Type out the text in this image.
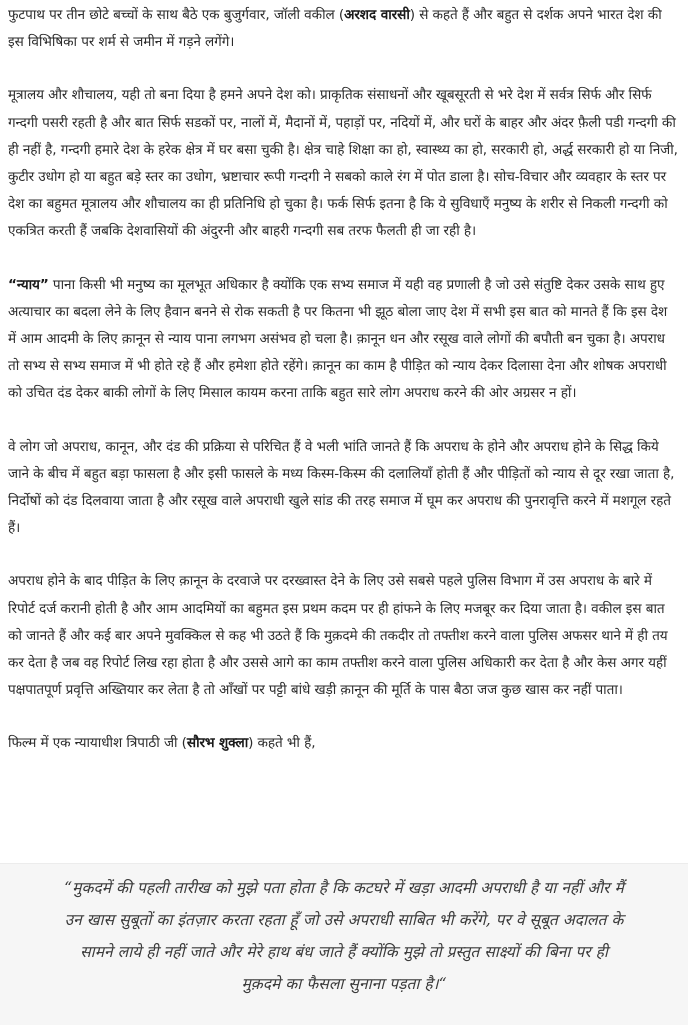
फुटपाथ पर तीन छोटे बच्चों के साथ बैठे एक बुजुर्गवार, जॉली वकील (अरशद वारसी) से कहते हैं और बहुत से दर्शक अपने भारत देश की इस विभिषिका पर शर्म से जमीन में गड़ने लगेंगे।

मूत्रालय और शौचालय, यही तो बना दिया है हमने अपने देश को। प्राकृतिक संसाधनों और खूबसूरती से भरे देश में सर्वत्र सिर्फ और सिर्फ गन्दगी पसरी रहती है और बात सिर्फ सडकों पर, नालों में, मैदानों में, पहाड़ों पर, नदियों में, और घरों के बाहर और अंदर फ़ैली पडी गन्दगी की ही नहीं है, गन्दगी हमारे देश के हरेक क्षेत्र में घर बसा चुकी है। क्षेत्र चाहे शिक्षा का हो, स्वास्थ्य का हो, सरकारी हो, अर्द्ध सरकारी हो या निजी, कुटीर उधोग हो या बहुत बड़े स्तर का उधोग, भ्रष्टाचार रूपी गन्दगी ने सबको काले रंग में पोत डाला है। सोच-विचार और व्यवहार के स्तर पर देश का बहुमत मूत्रालय और शौचालय का ही प्रतिनिधि हो चुका है। फर्क सिर्फ इतना है कि ये सुविधाएँ मनुष्य के शरीर से निकली गन्दगी को एकत्रित करती हैं जबकि देशवासियों की अंदुरनी और बाहरी गन्दगी सब तरफ फैलती ही जा रही है।

“न्याय” पाना किसी भी मनुष्य का मूलभूत अधिकार है क्योंकि एक सभ्य समाज में यही वह प्रणाली है जो उसे संतुष्टि देकर उसके साथ हुए अत्याचार का बदला लेने के लिए हैवान बनने से रोक सकती है पर कितना भी झूठ बोला जाए देश में सभी इस बात को मानते हैं कि इस देश में आम आदमी के लिए क़ानून से न्याय पाना लगभग असंभव हो चला है। क़ानून धन और रसूख वाले लोगों की बपौती बन चुका है। अपराध तो सभ्य से सभ्य समाज में भी होते रहे हैं और हमेशा होते रहेंगे। क़ानून का काम है पीड़ित को न्याय देकर दिलासा देना और शोषक अपराधी को उचित दंड देकर बाकी लोगों के लिए मिसाल कायम करना ताकि बहुत सारे लोग अपराध करने की ओर अग्रसर न हों।

वे लोग जो अपराध, कानून, और दंड की प्रक्रिया से परिचित हैं वे भली भांति जानते हैं कि अपराध के होने और अपराध होने के सिद्ध किये जाने के बीच में बहुत बड़ा फासला है और इसी फासले के मध्य किस्म-किस्म की दलालियाँ होती हैं और पीड़ितों को न्याय से दूर रखा जाता है, निर्दोषों को दंड दिलवाया जाता है और रसूख वाले अपराधी खुले सांड की तरह समाज में घूम कर अपराध की पुनरावृत्ति करने में मशगूल रहते हैं।

अपराध होने के बाद पीड़ित के लिए क़ानून के दरवाजे पर दरख्वास्त देने के लिए उसे सबसे पहले पुलिस विभाग में उस अपराध के बारे में रिपोर्ट दर्ज करानी होती है और आम आदमियों का बहुमत इस प्रथम कदम पर ही हांफने के लिए मजबूर कर दिया जाता है। वकील इस बात को जानते हैं और कई बार अपने मुवक्किल से कह भी उठते हैं कि मुक़दमे की तकदीर तो तफ्तीश करने वाला पुलिस अफसर थाने में ही तय कर देता है जब वह रिपोर्ट लिख रहा होता है और उससे आगे का काम तफ्तीश करने वाला पुलिस अधिकारी कर देता है और केस अगर यहीं पक्षपातपूर्ण प्रवृत्ति अख्तियार कर लेता है तो आँखों पर पट्टी बांधे खड़ी क़ानून की मूर्ति के पास बैठा जज कुछ खास कर नहीं पाता।

फिल्म में एक न्यायाधीश त्रिपाठी जी (सौरभ शुक्ला) कहते भी हैं,

“मुकदमें की पहली तारीख को मुझे पता होता है कि कटघरे में खड़ा आदमी अपराधी है या नहीं और मैं उन खास सुबूतों का इंतज़ार करता रहता हूँ जो उसे अपराधी साबित भी करेंगे, पर वे सूबूत अदालत के सामने लाये ही नहीं जाते और मेरे हाथ बंध जाते हैं क्योंकि मुझे तो प्रस्तुत साक्ष्यों की बिना पर ही मुक़दमे का फैसला सुनाना पड़ता है।“
